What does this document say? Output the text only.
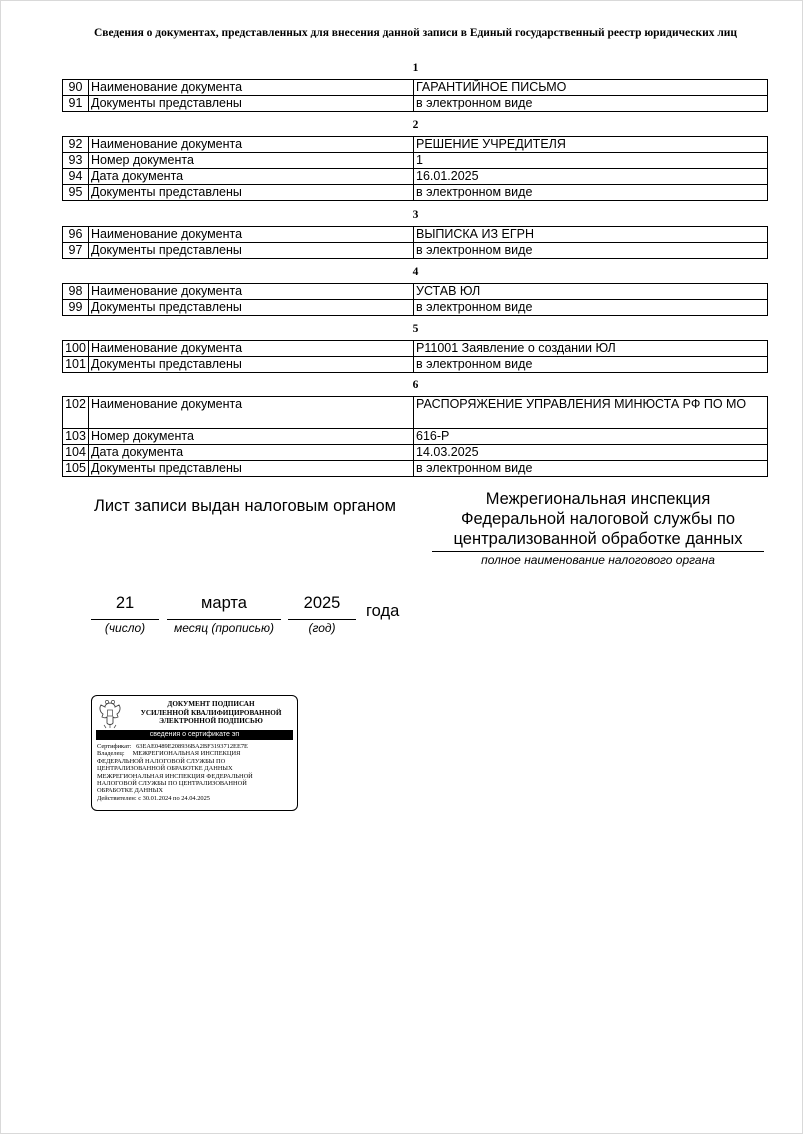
Сведения о документах, представленных для внесения данной записи в Единый государственный реестр юридических лиц
1
90	Наименование документа	ГАРАНТИЙНОЕ ПИСЬМО
91	Документы представлены	в электронном виде
2
92	Наименование документа	РЕШЕНИЕ УЧРЕДИТЕЛЯ
93	Номер документа	1
94	Дата документа	16.01.2025
95	Документы представлены	в электронном виде
3
96	Наименование документа	ВЫПИСКА ИЗ ЕГРН
97	Документы представлены	в электронном виде
4
98	Наименование документа	УСТАВ ЮЛ
99	Документы представлены	в электронном виде
5
100	Наименование документа	Р11001 Заявление о создании ЮЛ
101	Документы представлены	в электронном виде
6
102	Наименование документа	РАСПОРЯЖЕНИЕ УПРАВЛЕНИЯ МИНЮСТА РФ ПО МО
103	Номер документа	616-Р
104	Дата документа	14.03.2025
105	Документы представлены	в электронном виде
Лист записи выдан налоговым органом	Межрегиональная инспекция
Федеральной налоговой службы по
централизованной обработке данных
полное наименование налогового органа
21
(число)
марта
месяц (прописью)
2025
(год)
года
ДОКУМЕНТ ПОДПИСАН
УСИЛЕННОЙ КВАЛИФИЦИРОВАННОЙ
ЭЛЕКТРОННОЙ ПОДПИСЬЮ
сведения о сертификате эп
Сертификат: 63EAE0489E208936BA2BF3193712EE7E
Владелец: МЕЖРЕГИОНАЛЬНАЯ ИНСПЕКЦИЯ
ФЕДЕРАЛЬНОЙ НАЛОГОВОЙ СЛУЖБЫ ПО
ЦЕНТРАЛИЗОВАННОЙ ОБРАБОТКЕ ДАННЫХ
МЕЖРЕГИОНАЛЬНАЯ ИНСПЕКЦИЯ ФЕДЕРАЛЬНОЙ
НАЛОГОВОЙ СЛУЖБЫ ПО ЦЕНТРАЛИЗОВАННОЙ
ОБРАБОТКЕ ДАННЫХ
Действителен: с 30.01.2024 по 24.04.2025
